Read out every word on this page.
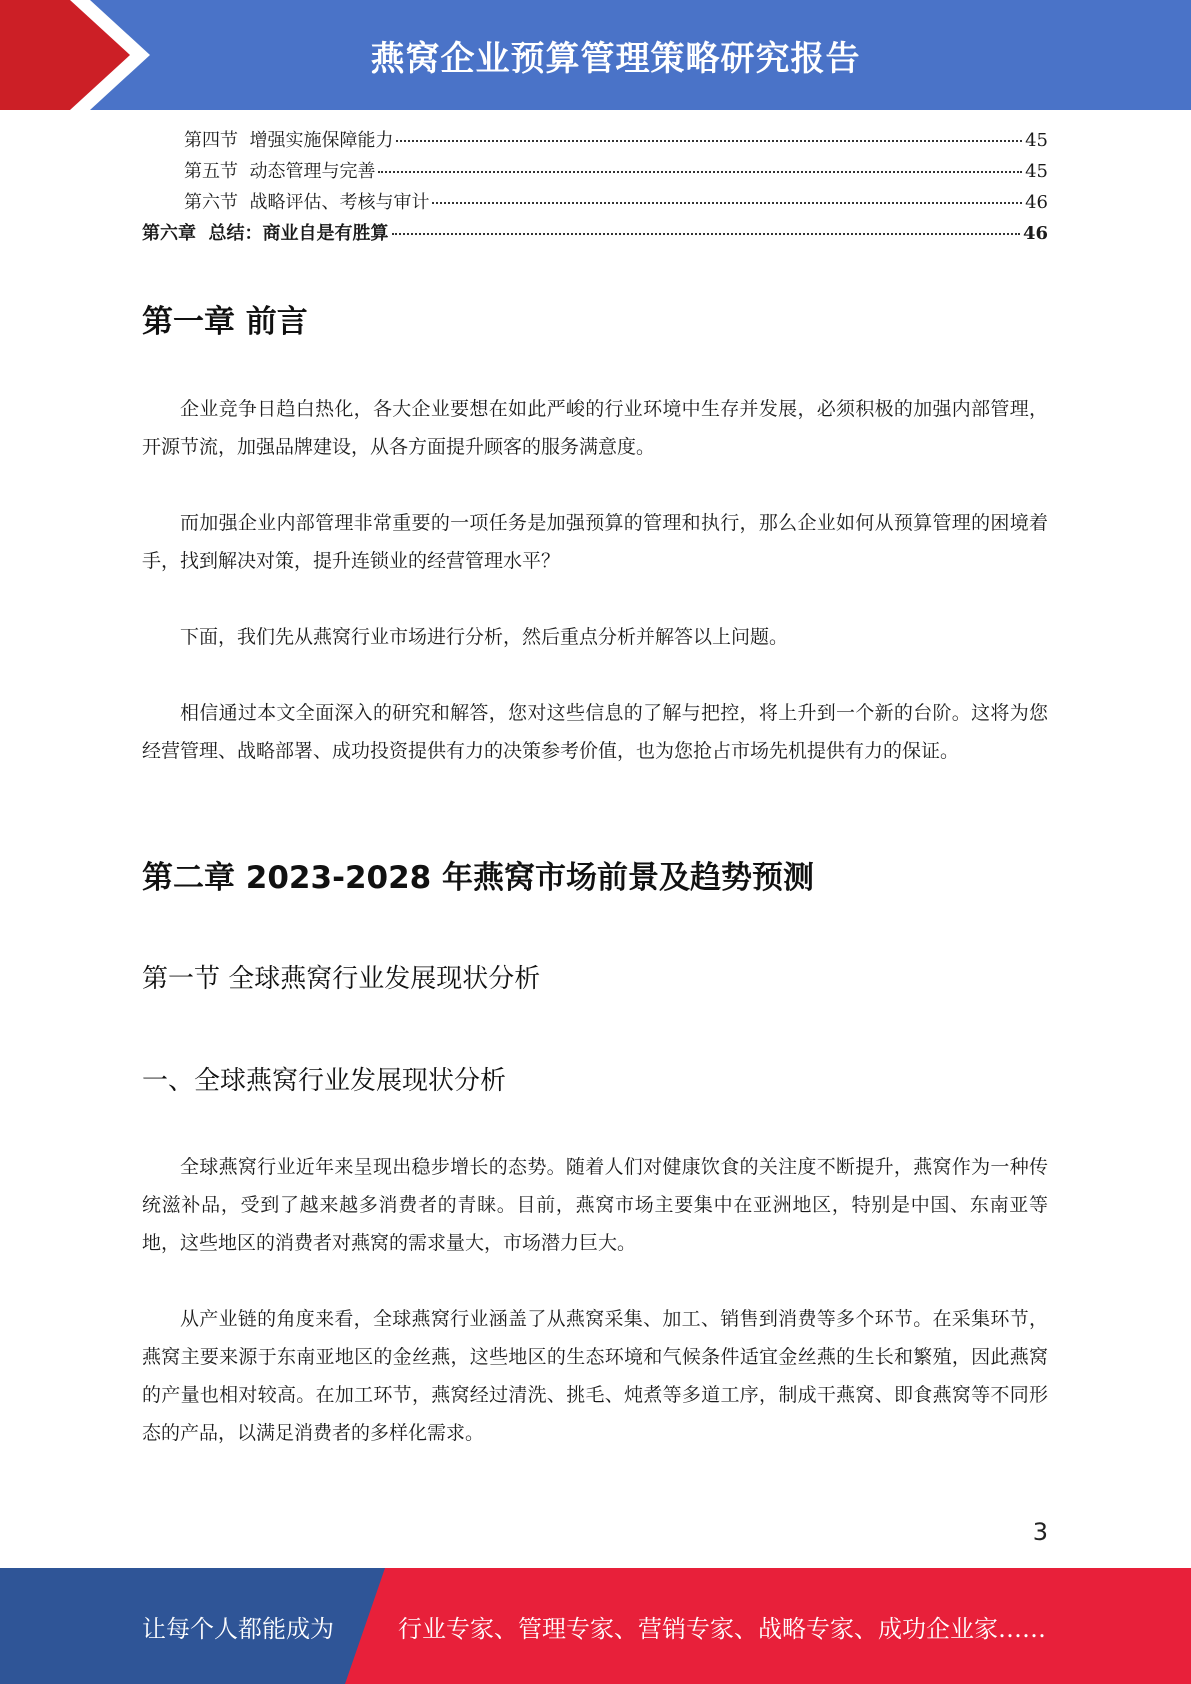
燕窝企业预算管理策略研究报告
第四节  增强实施保障能力	45
第五节  动态管理与完善	45
第六节  战略评估、考核与审计	46
第六章  总结：商业自是有胜算	46
第一章 前言
企业竞争日趋白热化，各大企业要想在如此严峻的行业环境中生存并发展，必须积极的加强内部管理，开源节流，加强品牌建设，从各方面提升顾客的服务满意度。
而加强企业内部管理非常重要的一项任务是加强预算的管理和执行，那么企业如何从预算管理的困境着手，找到解决对策，提升连锁业的经营管理水平？
下面，我们先从燕窝行业市场进行分析，然后重点分析并解答以上问题。
相信通过本文全面深入的研究和解答，您对这些信息的了解与把控，将上升到一个新的台阶。这将为您经营管理、战略部署、成功投资提供有力的决策参考价值，也为您抢占市场先机提供有力的保证。
第二章 2023-2028 年燕窝市场前景及趋势预测
第一节 全球燕窝行业发展现状分析
一、全球燕窝行业发展现状分析
全球燕窝行业近年来呈现出稳步增长的态势。随着人们对健康饮食的关注度不断提升，燕窝作为一种传统滋补品，受到了越来越多消费者的青睐。目前，燕窝市场主要集中在亚洲地区，特别是中国、东南亚等地，这些地区的消费者对燕窝的需求量大，市场潜力巨大。
从产业链的角度来看，全球燕窝行业涵盖了从燕窝采集、加工、销售到消费等多个环节。在采集环节，燕窝主要来源于东南亚地区的金丝燕，这些地区的生态环境和气候条件适宜金丝燕的生长和繁殖，因此燕窝的产量也相对较高。在加工环节，燕窝经过清洗、挑毛、炖煮等多道工序，制成干燕窝、即食燕窝等不同形态的产品，以满足消费者的多样化需求。
3
让每个人都能成为	行业专家、管理专家、营销专家、战略专家、成功企业家……
